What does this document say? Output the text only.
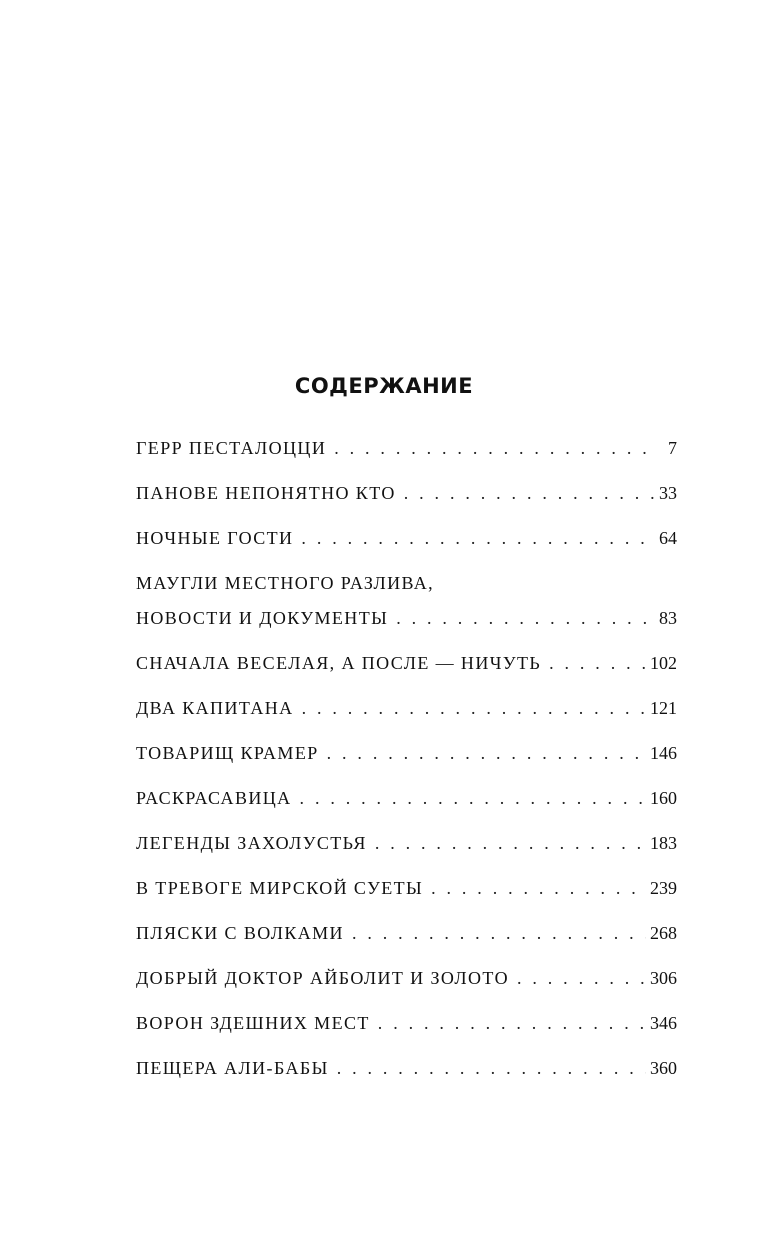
СОДЕРЖАНИЕ
ГЕРР ПЕСТАЛОЦЦИ . . .	7
ПАНОВЕ НЕПОНЯТНО КТО . . .	33
НОЧНЫЕ ГОСТИ . . .	64
МАУГЛИ МЕСТНОГО РАЗЛИВА,
НОВОСТИ И ДОКУМЕНТЫ . . .	83
СНАЧАЛА ВЕСЕЛАЯ, А ПОСЛЕ — НИЧУТЬ . . .	102
ДВА КАПИТАНА . . .	121
ТОВАРИЩ КРАМЕР . . .	146
РАСКРАСАВИЦА . . .	160
ЛЕГЕНДЫ ЗАХОЛУСТЬЯ . . .	183
В ТРЕВОГЕ МИРСКОЙ СУЕТЫ . . .	239
ПЛЯСКИ С ВОЛКАМИ . . .	268
ДОБРЫЙ ДОКТОР АЙБОЛИТ И ЗОЛОТО . . .	306
ВОРОН ЗДЕШНИХ МЕСТ . . .	346
ПЕЩЕРА АЛИ-БАБЫ . . .	360
